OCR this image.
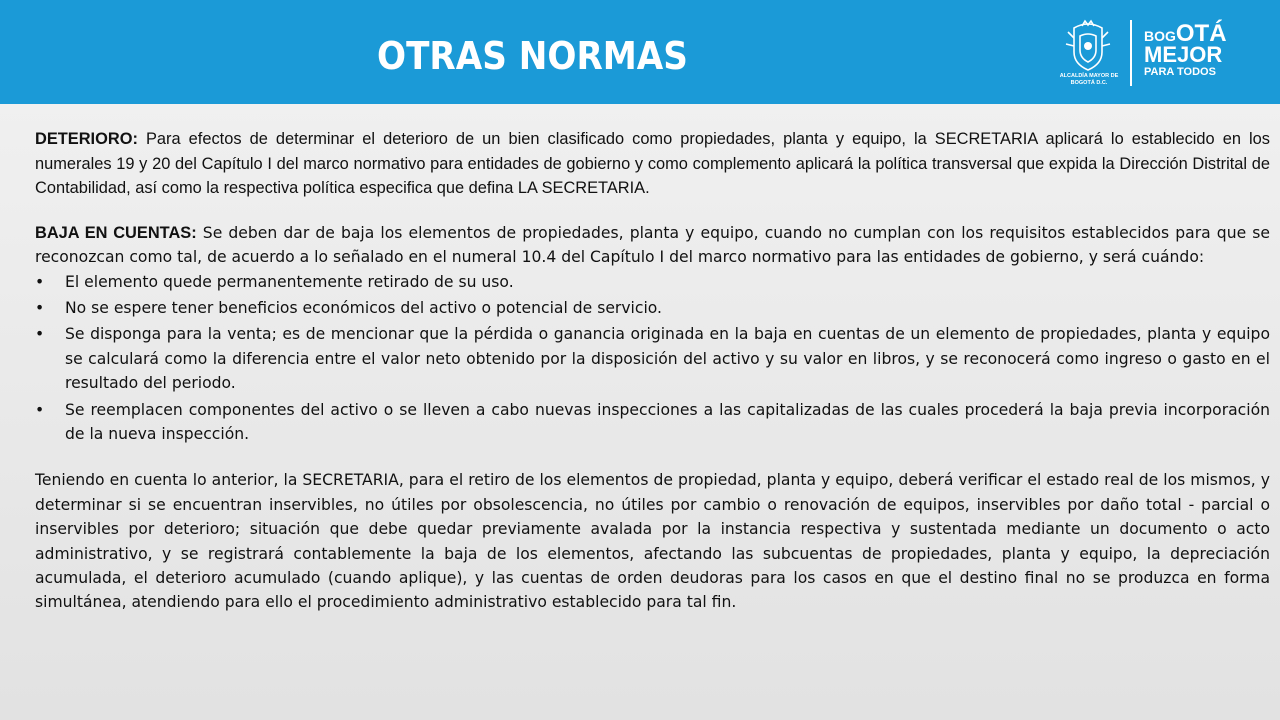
OTRAS NORMAS	ALCALDÍA MAYOR DE BOGOTÁ D.C.
BOGOTÁ
MEJOR
PARA TODOS

DETERIORO: Para efectos de determinar el deterioro de un bien clasificado como propiedades, planta y equipo, la SECRETARIA aplicará lo establecido en los numerales 19 y 20 del Capítulo I del marco normativo para entidades de gobierno y como complemento aplicará la política transversal que expida la Dirección Distrital de Contabilidad, así como la respectiva política especifica que defina LA SECRETARIA.

BAJA EN CUENTAS: Se deben dar de baja los elementos de propiedades, planta y equipo, cuando no cumplan con los requisitos establecidos para que se reconozcan como tal, de acuerdo a lo señalado en el numeral 10.4 del Capítulo I del marco normativo para las entidades de gobierno, y será cuándo:

• El elemento quede permanentemente retirado de su uso.
• No se espere tener beneficios económicos del activo o potencial de servicio.
• Se disponga para la venta; es de mencionar que la pérdida o ganancia originada en la baja en cuentas de un elemento de propiedades, planta y equipo se calculará como la diferencia entre el valor neto obtenido por la disposición del activo y su valor en libros, y se reconocerá como ingreso o gasto en el resultado del periodo.
• Se reemplacen componentes del activo o se lleven a cabo nuevas inspecciones a las capitalizadas de las cuales procederá la baja previa incorporación de la nueva inspección.

Teniendo en cuenta lo anterior, la SECRETARIA, para el retiro de los elementos de propiedad, planta y equipo, deberá verificar el estado real de los mismos, y determinar si se encuentran inservibles, no útiles por obsolescencia, no útiles por cambio o renovación de equipos, inservibles por daño total - parcial o inservibles por deterioro; situación que debe quedar previamente avalada por la instancia respectiva y sustentada mediante un documento o acto administrativo, y se registrará contablemente la baja de los elementos, afectando las subcuentas de propiedades, planta y equipo, la depreciación acumulada, el deterioro acumulado (cuando aplique), y las cuentas de orden deudoras para los casos en que el destino final no se produzca en forma simultánea, atendiendo para ello el procedimiento administrativo establecido para tal fin.
